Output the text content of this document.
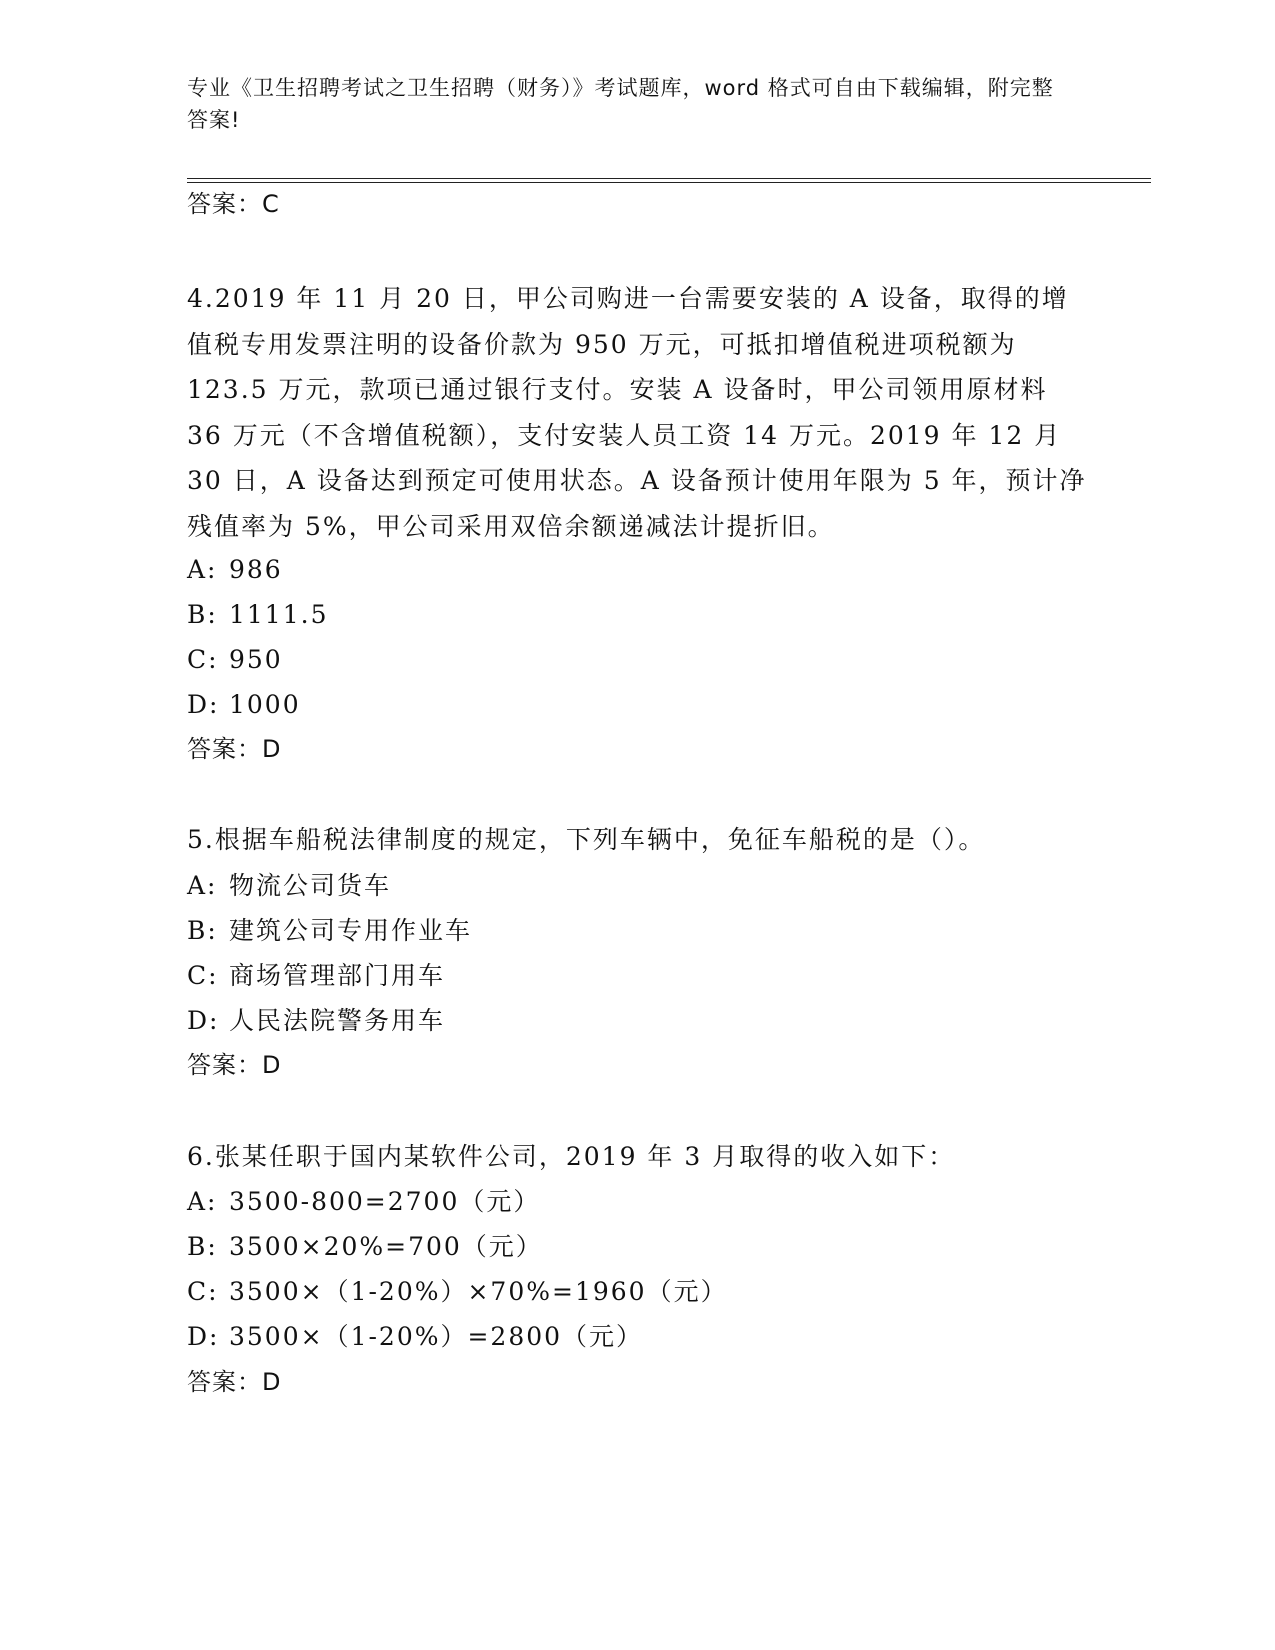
专业《卫生招聘考试之卫生招聘（财务）》考试题库，word 格式可自由下载编辑，附完整答案!
答案：C
4.2019 年 11 月 20 日，甲公司购进一台需要安装的 A 设备，取得的增值税专用发票注明的设备价款为 950 万元，可抵扣增值税进项税额为 123.5 万元，款项已通过银行支付。安装 A 设备时，甲公司领用原材料 36 万元（不含增值税额），支付安装人员工资 14 万元。2019 年 12 月 30 日，A 设备达到预定可使用状态。A 设备预计使用年限为 5 年，预计净残值率为 5%，甲公司采用双倍余额递减法计提折旧。
A: 986
B: 1111.5
C: 950
D: 1000
答案：D
5.根据车船税法律制度的规定，下列车辆中，免征车船税的是（）。
A: 物流公司货车
B: 建筑公司专用作业车
C: 商场管理部门用车
D: 人民法院警务用车
答案：D
6.张某任职于国内某软件公司，2019 年 3 月取得的收入如下：
A: 3500-800=2700（元）
B: 3500×20%=700（元）
C: 3500×（1-20%）×70%=1960（元）
D: 3500×（1-20%）=2800（元）
答案：D
